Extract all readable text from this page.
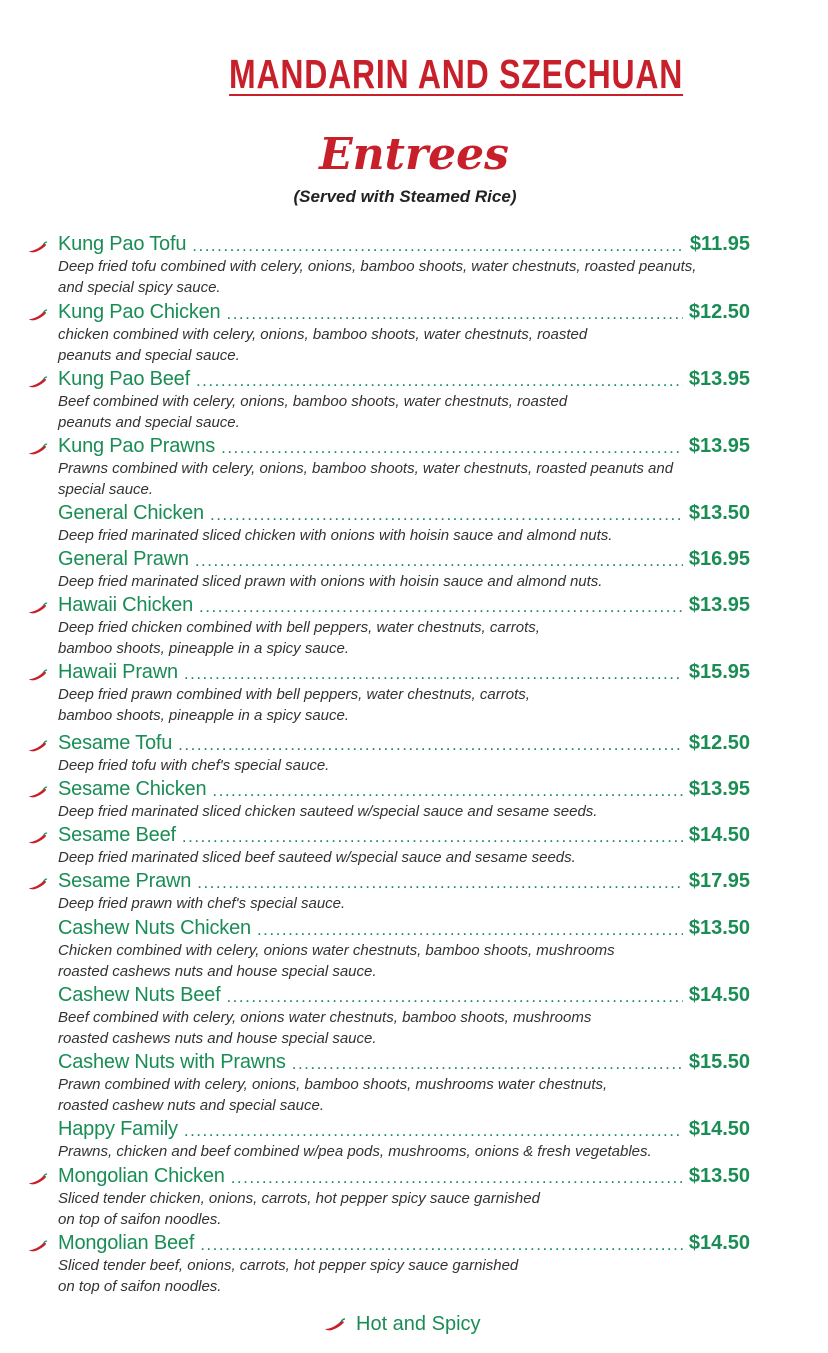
MANDARIN AND SZECHUAN
Entrees
(Served with Steamed Rice)
Kung Pao Tofu .....	$11.95
Deep fried tofu combined with celery, onions, bamboo shoots, water chestnuts, roasted peanuts,
and special spicy sauce.
Kung Pao Chicken .....	$12.50
chicken combined with celery, onions, bamboo shoots, water chestnuts, roasted
peanuts and special sauce.
Kung Pao Beef .....	$13.95
Beef combined with celery, onions, bamboo shoots, water chestnuts, roasted
peanuts and special sauce.
Kung Pao Prawns .....	$13.95
Prawns combined with celery, onions, bamboo shoots, water chestnuts, roasted peanuts and
special sauce.
General Chicken .....	$13.50
Deep fried marinated sliced chicken with onions with hoisin sauce and almond nuts.
General Prawn .....	$16.95
Deep fried marinated sliced prawn with onions with hoisin sauce and almond nuts.
Hawaii Chicken .....	$13.95
Deep fried chicken combined with bell peppers, water chestnuts, carrots,
bamboo shoots, pineapple in a spicy sauce.
Hawaii Prawn .....	$15.95
Deep fried prawn combined with bell peppers, water chestnuts, carrots,
bamboo shoots, pineapple in a spicy sauce.
Sesame Tofu .....	$12.50
Deep fried tofu with chef's special sauce.
Sesame Chicken .....	$13.95
Deep fried marinated sliced chicken sauteed w/special sauce and sesame seeds.
Sesame Beef .....	$14.50
Deep fried marinated sliced beef sauteed w/special sauce and sesame seeds.
Sesame Prawn .....	$17.95
Deep fried prawn with chef's special sauce.
Cashew Nuts Chicken .....	$13.50
Chicken combined with celery, onions water chestnuts, bamboo shoots, mushrooms
roasted cashews nuts and house special sauce.
Cashew Nuts Beef .....	$14.50
Beef combined with celery, onions water chestnuts, bamboo shoots, mushrooms
roasted cashews nuts and house special sauce.
Cashew Nuts with Prawns .....	$15.50
Prawn combined with celery, onions, bamboo shoots, mushrooms water chestnuts,
roasted cashew nuts and special sauce.
Happy Family .....	$14.50
Prawns, chicken and beef combined w/pea pods, mushrooms, onions & fresh vegetables.
Mongolian Chicken .....	$13.50
Sliced tender chicken, onions, carrots, hot pepper spicy sauce garnished
on top of saifon noodles.
Mongolian Beef .....	$14.50
Sliced tender beef, onions, carrots, hot pepper spicy sauce garnished
on top of saifon noodles.
Hot and Spicy
